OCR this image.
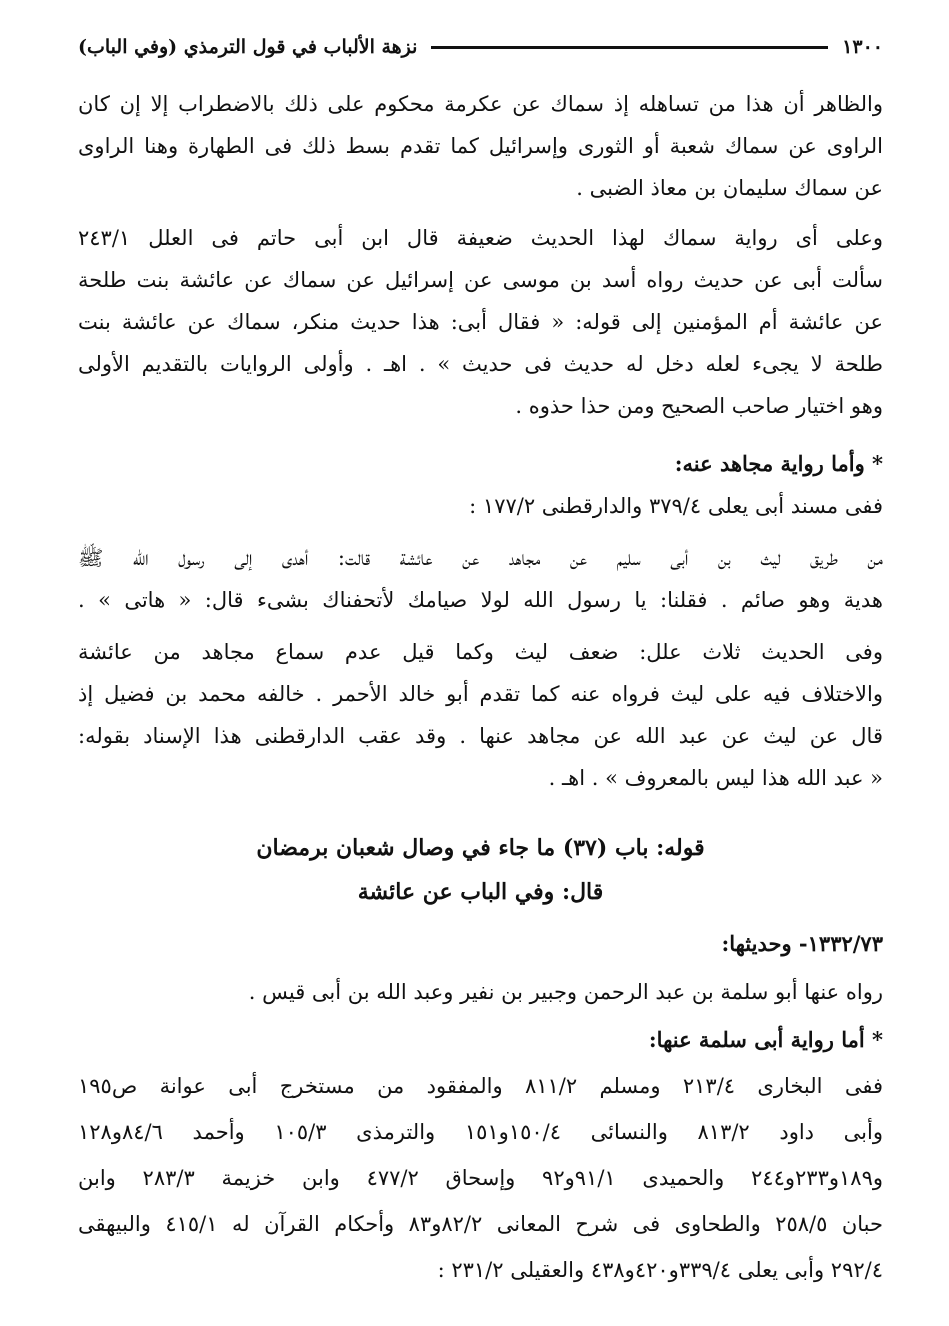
١٣٠٠
نزهة الألباب في قول الترمذي (وفي الباب)
والظاهر أن هذا من تساهله إذ سماك عن عكرمة محكوم على ذلك بالاضطراب إلا إن كان
الراوى عن سماك شعبة أو الثورى وإسرائيل كما تقدم بسط ذلك فى الطهارة وهنا الراوى
عن سماك سليمان بن معاذ الضبى .
وعلى أى رواية سماك لهذا الحديث ضعيفة قال ابن أبى حاتم فى العلل ٢٤٣/١
سألت أبى عن حديث رواه أسد بن موسى عن إسرائيل عن سماك عن عائشة بنت طلحة
عن عائشة أم المؤمنين إلى قوله: « فقال أبى: هذا حديث منكر، سماك عن عائشة بنت
طلحة لا يجىء لعله دخل له حديث فى حديث » . اهـ . وأولى الروايات بالتقديم الأولى
وهو اختيار صاحب الصحيح ومن حذا حذوه .
* وأما رواية مجاهد عنه:
ففى مسند أبى يعلى ٣٧٩/٤ والدارقطنى ١٧٧/٢ :
من طريق ليث بن أبى سليم عن مجاهد عن عائشة قالت: أهدى إلى رسول الله ﷺ
هدية وهو صائم . فقلنا: يا رسول الله لولا صيامك لأتحفناك بشىء قال: « هاتى » .
وفى الحديث ثلاث علل: ضعف ليث وكما قيل عدم سماع مجاهد من عائشة
والاختلاف فيه على ليث فرواه عنه كما تقدم أبو خالد الأحمر . خالفه محمد بن فضيل إذ
قال عن ليث عن عبد الله عن مجاهد عنها . وقد عقب الدارقطنى هذا الإسناد بقوله:
« عبد الله هذا ليس بالمعروف » . اهـ .
قوله: باب (٣٧) ما جاء في وصال شعبان برمضان
قال: وفي الباب عن عائشة
١٣٣٢/٧٣- وحديثها:
رواه عنها أبو سلمة بن عبد الرحمن وجبير بن نفير وعبد الله بن أبى قيس .
* أما رواية أبى سلمة عنها:
ففى البخارى ٢١٣/٤ ومسلم ٨١١/٢ والمفقود من مستخرج أبى عوانة ص١٩٥
وأبى داود ٨١٣/٢ والنسائى ١٥٠/٤و١٥١ والترمذى ١٠٥/٣ وأحمد ٨٤/٦و١٢٨
و١٨٩و٢٣٣و٢٤٤ والحميدى ٩١/١و٩٢ وإسحاق ٤٧٧/٢ وابن خزيمة ٢٨٣/٣ وابن
حبان ٢٥٨/٥ والطحاوى فى شرح المعانى ٨٢/٢و٨٣ وأحكام القرآن له ٤١٥/١ والبيهقى
٢٩٢/٤ وأبى يعلى ٣٣٩/٤و٤٢٠و٤٣٨ والعقيلى ٢٣١/٢ :
